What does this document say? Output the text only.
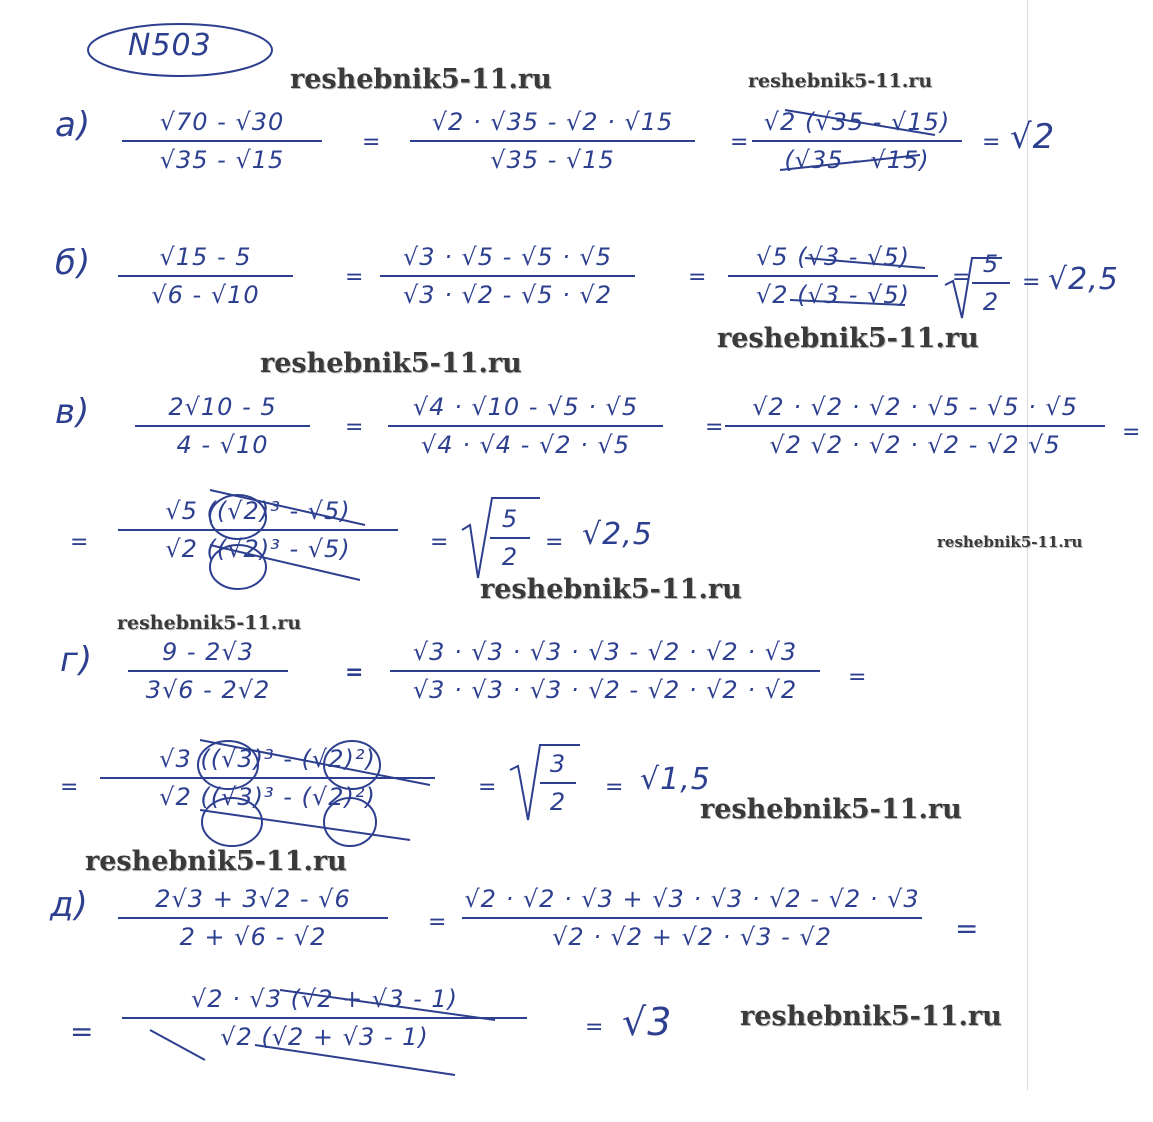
N503
reshebnik5-11.ru	reshebnik5-11.ru
reshebnik5-11.ru
reshebnik5-11.ru
reshebnik5-11.ru
reshebnik5-11.ru
reshebnik5-11.ru
reshebnik5-11.ru
reshebnik5-11.ru
reshebnik5-11.ru
a)	√70 - √30
√35 - √15
=
√2 · √35 - √2 · √15
√35 - √15
=
√2 (√35 - √15)
(√35 - √15)
= √2
б)	√15 - 5
√6 - √10
=
√3 · √5 - √5 · √5
√3 · √2 - √5 · √2
=
√5 (√3 - √5)
√2 (√3 - √5)
= 5
2
= √2,5
в)	2√10 - 5
4 - √10
=
√4 · √10 - √5 · √5
√4 · √4 - √2 · √5
=
√2 · √2 · √2 · √5 - √5 · √5
√2 √2 · √2 · √2 - √2 √5	=
=
√5 ((√2)³ - √5)
√2 ((√2)³ - √5)	=
5
2
= √2,5
г)	9 - 2√3
3√6 - 2√2
=
√3 · √3 · √3 · √3 - √2 · √2 · √3
√3 · √3 · √3 · √2 - √2 · √2 · √2	=
=
√3 ((√3)³ - (√2)²)
√2 ((√3)³ - (√2)²)	=
3
2
= √1,5
д)	2√3 + 3√2 - √6
2 + √6 - √2
=
√2 · √2 · √3 + √3 · √3 · √2 - √2 · √3
√2 · √2 + √2 · √3 - √2	=
=
√2 · √3 (√2 + √3 - 1)
√2 (√2 + √3 - 1)	= √3
